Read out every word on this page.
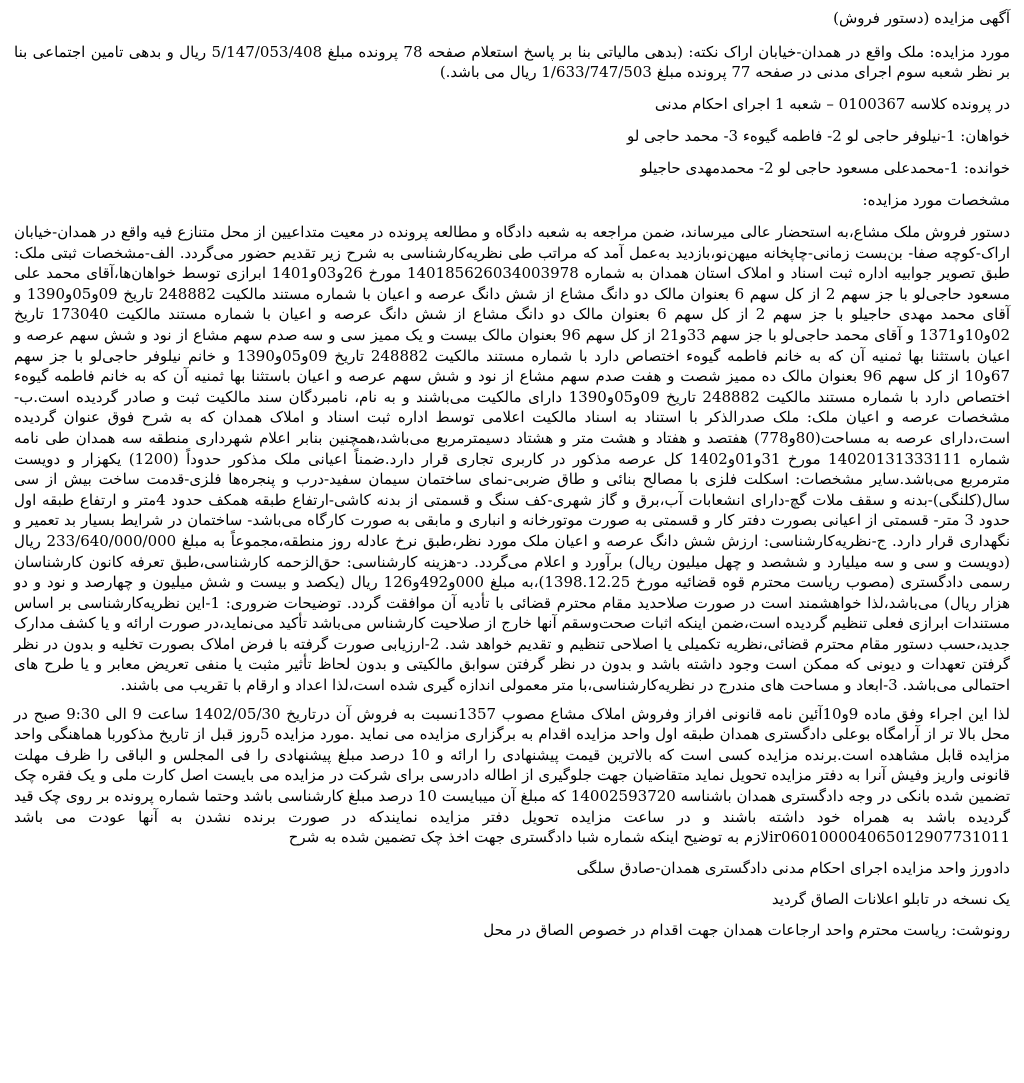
آگهی مزایده (دستور فروش)

مورد مزایده: ملک واقع در همدان-خیابان اراک نکته: (بدهی مالیاتی بنا بر پاسخ استعلام صفحه 78 پرونده مبلغ 5/147/053/408 ریال و بدهی تامین اجتماعی بنا بر نظر شعبه سوم اجرای مدنی در صفحه 77 پرونده مبلغ 1/633/747/503 ریال می باشد.)

در پرونده کلاسه 0100367 – شعبه 1 اجرای احکام مدنی

خواهان: 1-نیلوفر حاجی لو 2- فاطمه گیوه‌ء 3- محمد حاجی لو

خوانده: 1-محمدعلی مسعود حاجی لو 2- محمدمهدی حاجیلو

مشخصات مورد مزایده:

دستور فروش ملک مشاع،به استحضار عالی میرساند، ضمن مراجعه به شعبه دادگاه و مطالعه پرونده در معیت متداعیین از محل متنازع فیه واقع در همدان-خیابان اراک-کوچه صفا- بن‌بست زمانی-چاپخانه میهن‌نو،بازدید به‌عمل آمد که مراتب طی نظریه‌کارشناسی به شرح زیر تقدیم حضور می‌گردد. الف-مشخصات ثبتی ملک: طبق تصویر جوابیه اداره ثبت اسناد و املاک استان همدان به شماره 140185626034003978 مورخ 26و03و1401 ابرازی توسط خواهان‌ها،آقای محمد علی مسعود حاجی‌لو با جز سهم 2 از کل سهم 6 بعنوان مالک دو دانگ مشاع از شش دانگ عرصه و اعیان با شماره مستند مالکیت 248882 تاریخ 09و05و1390 و آقای محمد مهدی حاجیلو با جز سهم 2 از کل سهم 6 بعنوان مالک دو دانگ مشاع از شش دانگ عرصه و اعیان با شماره مستند مالکیت 173040 تاریخ 02و10و1371 و آقای محمد حاجی‌لو با جز سهم 33و21 از کل سهم 96 بعنوان مالک بیست و یک ممیز سی و سه صدم سهم مشاع از نود و شش سهم عرصه و اعیان باستثنا بها ثمنیه آن که به خانم فاطمه گیوه‌ء اختصاص دارد با شماره مستند مالکیت 248882 تاریخ 09و05و1390 و خانم نیلوفر حاجی‌لو با جز سهم 67و10 از کل سهم 96 بعنوان مالک ده ممیز شصت و هفت صدم سهم مشاع از نود و شش سهم عرصه و اعیان باستثنا بها ثمنیه آن که به خانم فاطمه گیوه‌ء اختصاص دارد با شماره مستند مالکیت 248882 تاریخ 09و05و1390 دارای مالکیت می‌باشند و به نام، نامبردگان سند مالکیت ثبت و صادر گردیده است.ب- مشخصات عرصه و اعیان ملک: ملک صدرالذکر با استناد به اسناد مالکیت اعلامی توسط اداره ثبت اسناد و املاک همدان که به شرح فوق عنوان گردیده است،دارای عرصه به مساحت(80و778) هفتصد و هفتاد و هشت متر و هشتاد دسیمترمربع می‌باشد،همچنین بنابر اعلام شهرداری منطقه سه همدان طی نامه شماره 14020131333111 مورخ 31و01و1402 کل عرصه مذکور در کاربری تجاری قرار دارد.ضمناً اعیانی ملک مذکور حدوداً (1200) یکهزار و دویست مترمربع می‌باشد.سایر مشخصات: اسکلت فلزی با مصالح بنائی و طاق ضربی-نمای ساختمان سیمان سفید-درب و پنجره‌ها فلزی-قدمت ساخت بیش از سی سال(کلنگی)-بدنه و سقف ملات گچ-دارای انشعابات آب،برق و گاز شهری-کف سنگ و قسمتی از بدنه کاشی-ارتفاع طبقه همکف حدود 4متر و ارتفاع طبقه اول حدود 3 متر- قسمتی از اعیانی بصورت دفتر کار و قسمتی به صورت موتورخانه و انباری و مابقی به صورت کارگاه می‌باشد- ساختمان در شرایط بسیار بد تعمیر و نگهداری قرار دارد. ج-نظریه‌کارشناسی: ارزش شش دانگ عرصه و اعیان ملک مورد نظر،طبق نرخ عادله روز منطقه،مجموعاً به مبلغ 233/640/000/000 ریال (دویست و سی و سه میلیارد و ششصد و چهل میلیون ریال) برآورد و اعلام می‌گردد. د-هزینه کارشناسی: حق‌الزحمه کارشناسی،طبق تعرفه کانون کارشناسان رسمی دادگستری (مصوب ریاست محترم قوه قضائیه مورخ 1398.12.25)،به مبلغ 000و492و126 ریال (یکصد و بیست و شش میلیون و چهارصد و نود و دو هزار ریال) می‌باشد،لذا خواهشمند است در صورت صلاحدید مقام محترم قضائی با تأدیه آن موافقت گردد. توضیحات ضروری: 1-این نظریه‌کارشناسی بر اساس مستندات ابرازی فعلی تنظیم گردیده است،ضمن اینکه اثبات صحت‌وسقم آنها خارج از صلاحیت کارشناس می‌باشد تأکید می‌نماید،در صورت ارائه و یا کشف مدارک جدید،حسب دستور مقام محترم قضائی،نظریه تکمیلی یا اصلاحی تنظیم و تقدیم خواهد شد. 2-ارزیابی صورت گرفته با فرض املاک بصورت تخلیه و بدون در نظر گرفتن تعهدات و دیونی که ممکن است وجود داشته باشد و بدون در نظر گرفتن سوابق مالکیتی و بدون لحاظ تأثیر مثبت یا منفی تعریض معابر و یا طرح های احتمالی می‌باشد. 3-ابعاد و مساحت های مندرج در نظریه‌کارشناسی،با متر معمولی اندازه گیری شده است،لذا اعداد و ارقام با تقریب می باشند.

لذا این اجراء وفق ماده 9و10آئین نامه قانونی افراز وفروش املاک مشاع مصوب 1357نسبت به فروش آن درتاریخ 1402/05/30 ساعت 9 الی 9:30 صبح در محل بالا تر از آرامگاه بوعلی دادگستری همدان طبقه اول واحد مزایده اقدام به برگزاری مزایده می نماید .مورد مزایده 5روز قبل از تاریخ مذکوربا هماهنگی واحد مزایده قابل مشاهده است.برنده مزایده کسی است که بالاترین قیمت پیشنهادی را ارائه و 10 درصد مبلغ پیشنهادی را فی المجلس و الباقی را ظرف مهلت قانونی واریز وفیش آنرا به دفتر مزایده تحویل نماید متقاضیان جهت جلوگیری از اطاله دادرسی برای شرکت در مزایده می بایست اصل کارت ملی و یک فقره چک تضمین شده بانکی در وجه دادگستری همدان باشناسه 14002593720 که مبلغ آن میبایست 10 درصد مبلغ کارشناسی باشد وحتما شماره پرونده بر روی چک قید گردیده باشد به همراه خود داشته باشند و در ساعت مزایده تحویل دفتر مزایده نمایندکه در صورت برنده نشدن به آنها عودت می باشد ir060100004065012907731011لازم به توضیح اینکه شماره شبا دادگستری جهت اخذ چک تضمین شده به شرح

دادورز واحد مزایده اجرای احکام مدنی دادگستری همدان-صادق سلگی

یک نسخه در تابلو اعلانات الصاق گردید

رونوشت: ریاست محترم واحد ارجاعات همدان جهت اقدام در خصوص الصاق در محل
